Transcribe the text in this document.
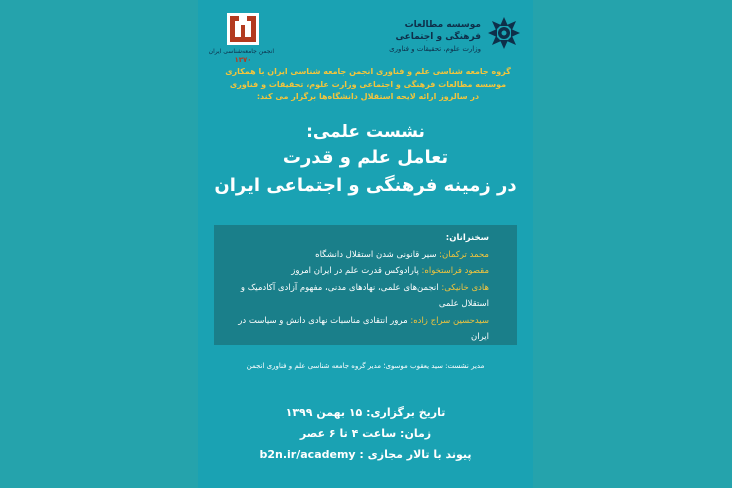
موسسه مطالعات فرهنگی و اجتماعی
وزارت علوم، تحقیقات و فناوری
انجمن جامعه‌شناسی ایران
۱۳۷۰
گروه جامعه شناسی علم و فناوری انجمن جامعه شناسی ایران با همکاری
موسسه مطالعات فرهنگی و اجتماعی وزارت علوم، تحقیقات و فناوری
در سالروز ارائه لایحه استقلال دانشگاه‌ها برگزار می کند:
نشست علمی:
تعامل علم و قدرت
در زمینه فرهنگی و اجتماعی ایران
سخنرانان:
محمد ترکمان: سیر قانونی شدن استقلال دانشگاه
مقصود فراستخواه: پارادوکس قدرت علم در ایران امروز
هادی خانیکی: انجمن‌های علمی، نهادهای مدنی، مفهوم آزادی آکادمیک و
استقلال علمی
سیدحسین سراج زاده: مرور انتقادی مناسبات نهادی دانش و سیاست در ایران
مدیر نشست: سید یعقوب موسوی؛ مدیر گروه جامعه شناسی علم و فناوری انجمن
تاریخ برگزاری: ۱۵ بهمن ۱۳۹۹
زمان: ساعت ۴ تا ۶ عصر
پیوند با تالار مجازی : b2n.ir/academy
